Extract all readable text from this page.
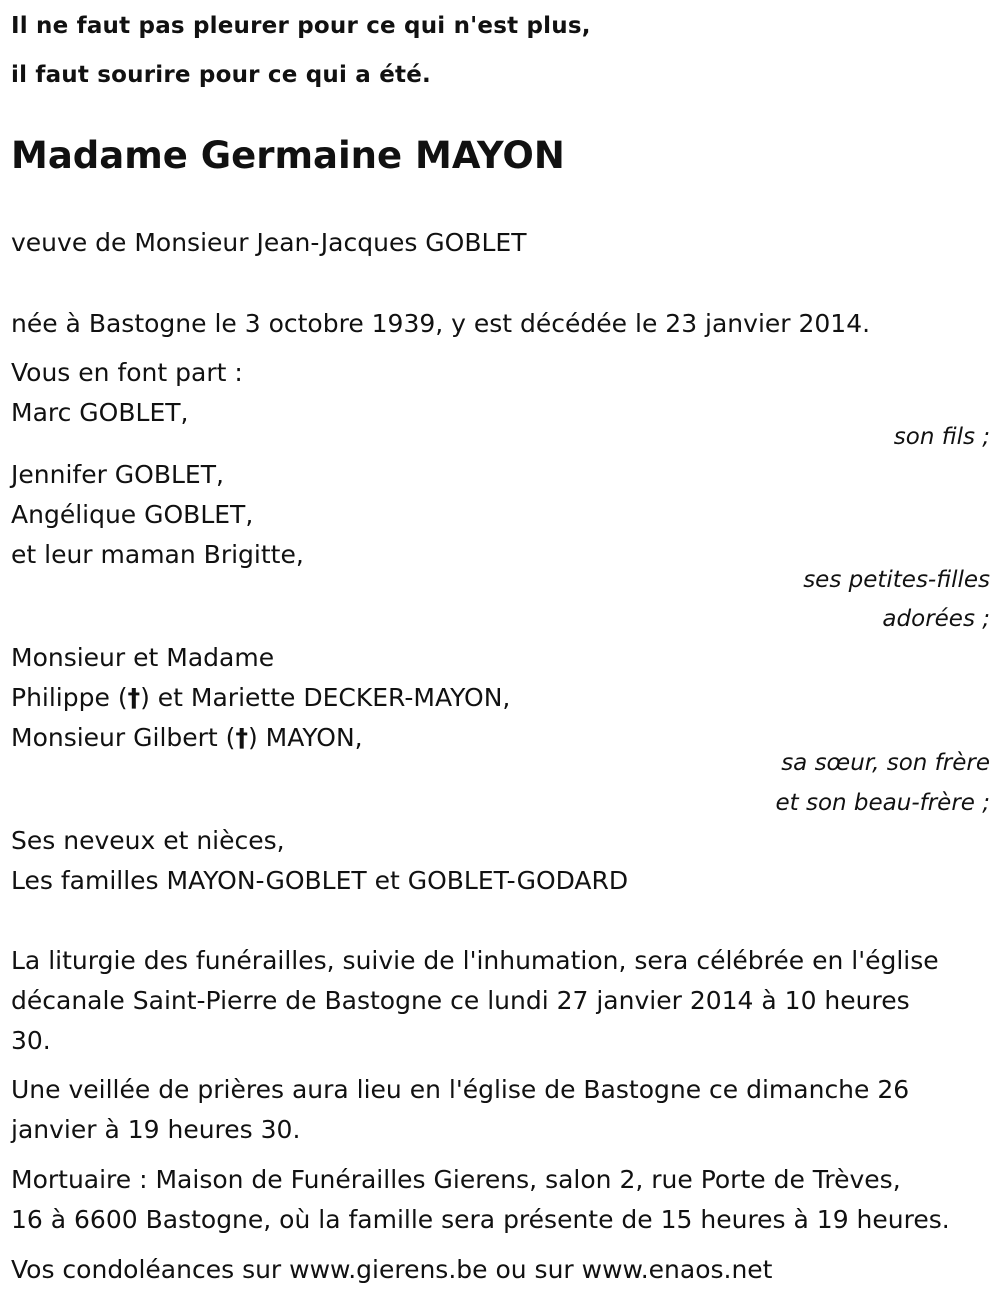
Il ne faut pas pleurer pour ce qui n'est plus,
il faut sourire pour ce qui a été.
Madame Germaine MAYON
veuve de Monsieur Jean-Jacques GOBLET
née à Bastogne le 3 octobre 1939, y est décédée le 23 janvier 2014.
Vous en font part :
Marc GOBLET,
son fils ;
Jennifer GOBLET,
Angélique GOBLET,
et leur maman Brigitte,
ses petites-filles
adorées ;
Monsieur et Madame
Philippe (†) et Mariette DECKER-MAYON,
Monsieur Gilbert (†) MAYON,
sa sœur, son frère
et son beau-frère ;
Ses neveux et nièces,
Les familles MAYON-GOBLET et GOBLET-GODARD
La liturgie des funérailles, suivie de l'inhumation, sera célébrée en l'église
décanale Saint-Pierre de Bastogne ce lundi 27 janvier 2014 à 10 heures
30.
Une veillée de prières aura lieu en l'église de Bastogne ce dimanche 26
janvier à 19 heures 30.
Mortuaire : Maison de Funérailles Gierens, salon 2, rue Porte de Trèves,
16 à 6600 Bastogne, où la famille sera présente de 15 heures à 19 heures.
Vos condoléances sur www.gierens.be ou sur www.enaos.net
